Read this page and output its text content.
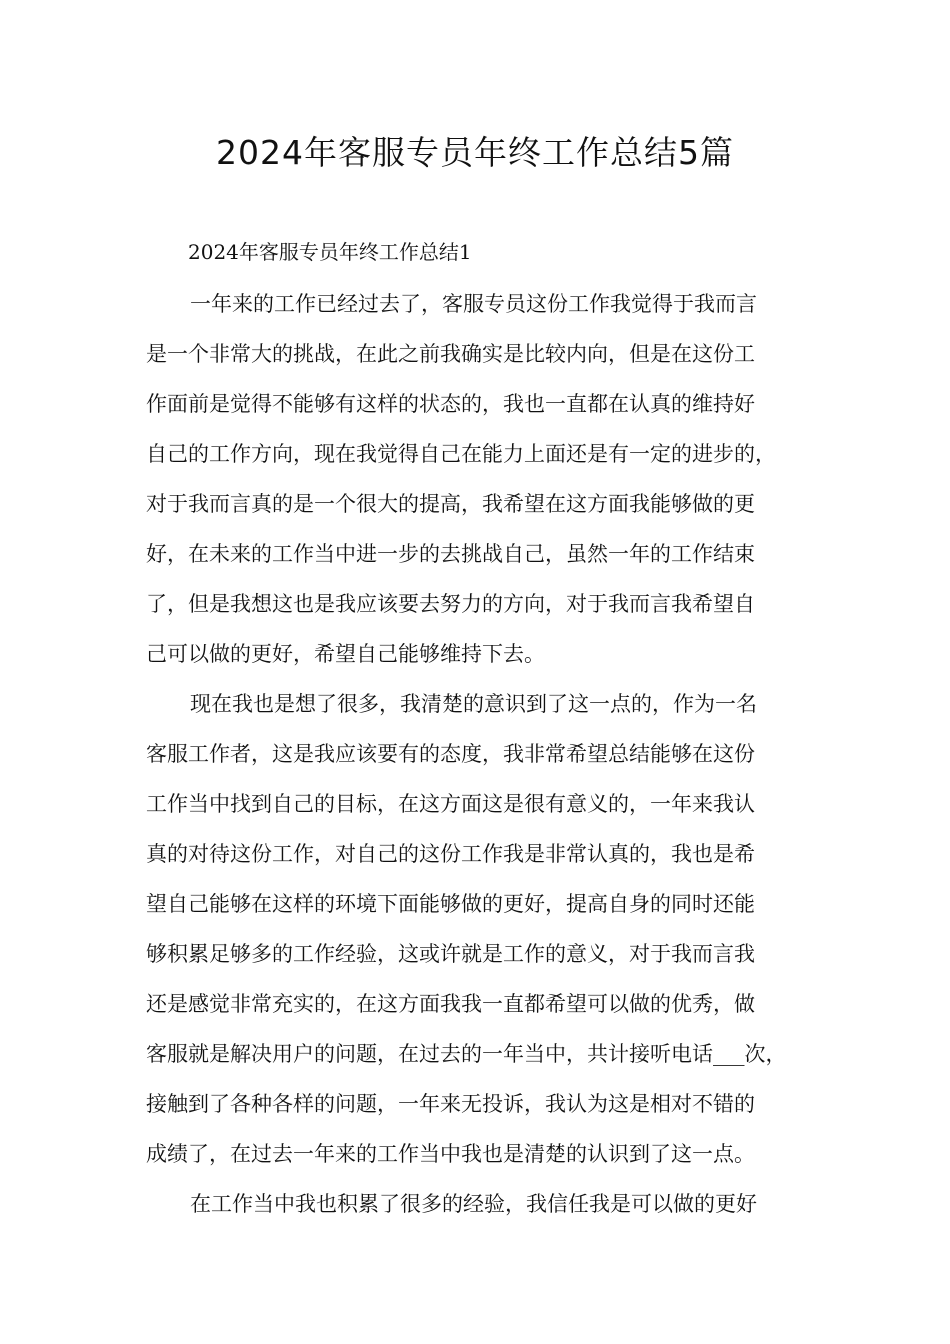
2024年客服专员年终工作总结5篇
2024年客服专员年终工作总结1

一年来的工作已经过去了，客服专员这份工作我觉得于我而言

是一个非常大的挑战，在此之前我确实是比较内向，但是在这份工

作面前是觉得不能够有这样的状态的，我也一直都在认真的维持好

自己的工作方向，现在我觉得自己在能力上面还是有一定的进步的，

对于我而言真的是一个很大的提高，我希望在这方面我能够做的更

好，在未来的工作当中进一步的去挑战自己，虽然一年的工作结束

了，但是我想这也是我应该要去努力的方向，对于我而言我希望自

己可以做的更好，希望自己能够维持下去。

现在我也是想了很多，我清楚的意识到了这一点的，作为一名

客服工作者，这是我应该要有的态度，我非常希望总结能够在这份

工作当中找到自己的目标，在这方面这是很有意义的，一年来我认

真的对待这份工作，对自己的这份工作我是非常认真的，我也是希

望自己能够在这样的环境下面能够做的更好，提高自身的同时还能

够积累足够多的工作经验，这或许就是工作的意义，对于我而言我

还是感觉非常充实的，在这方面我我一直都希望可以做的优秀，做

客服就是解决用户的问题，在过去的一年当中，共计接听电话___次，

接触到了各种各样的问题，一年来无投诉，我认为这是相对不错的

成绩了，在过去一年来的工作当中我也是清楚的认识到了这一点。

在工作当中我也积累了很多的经验，我信任我是可以做的更好
